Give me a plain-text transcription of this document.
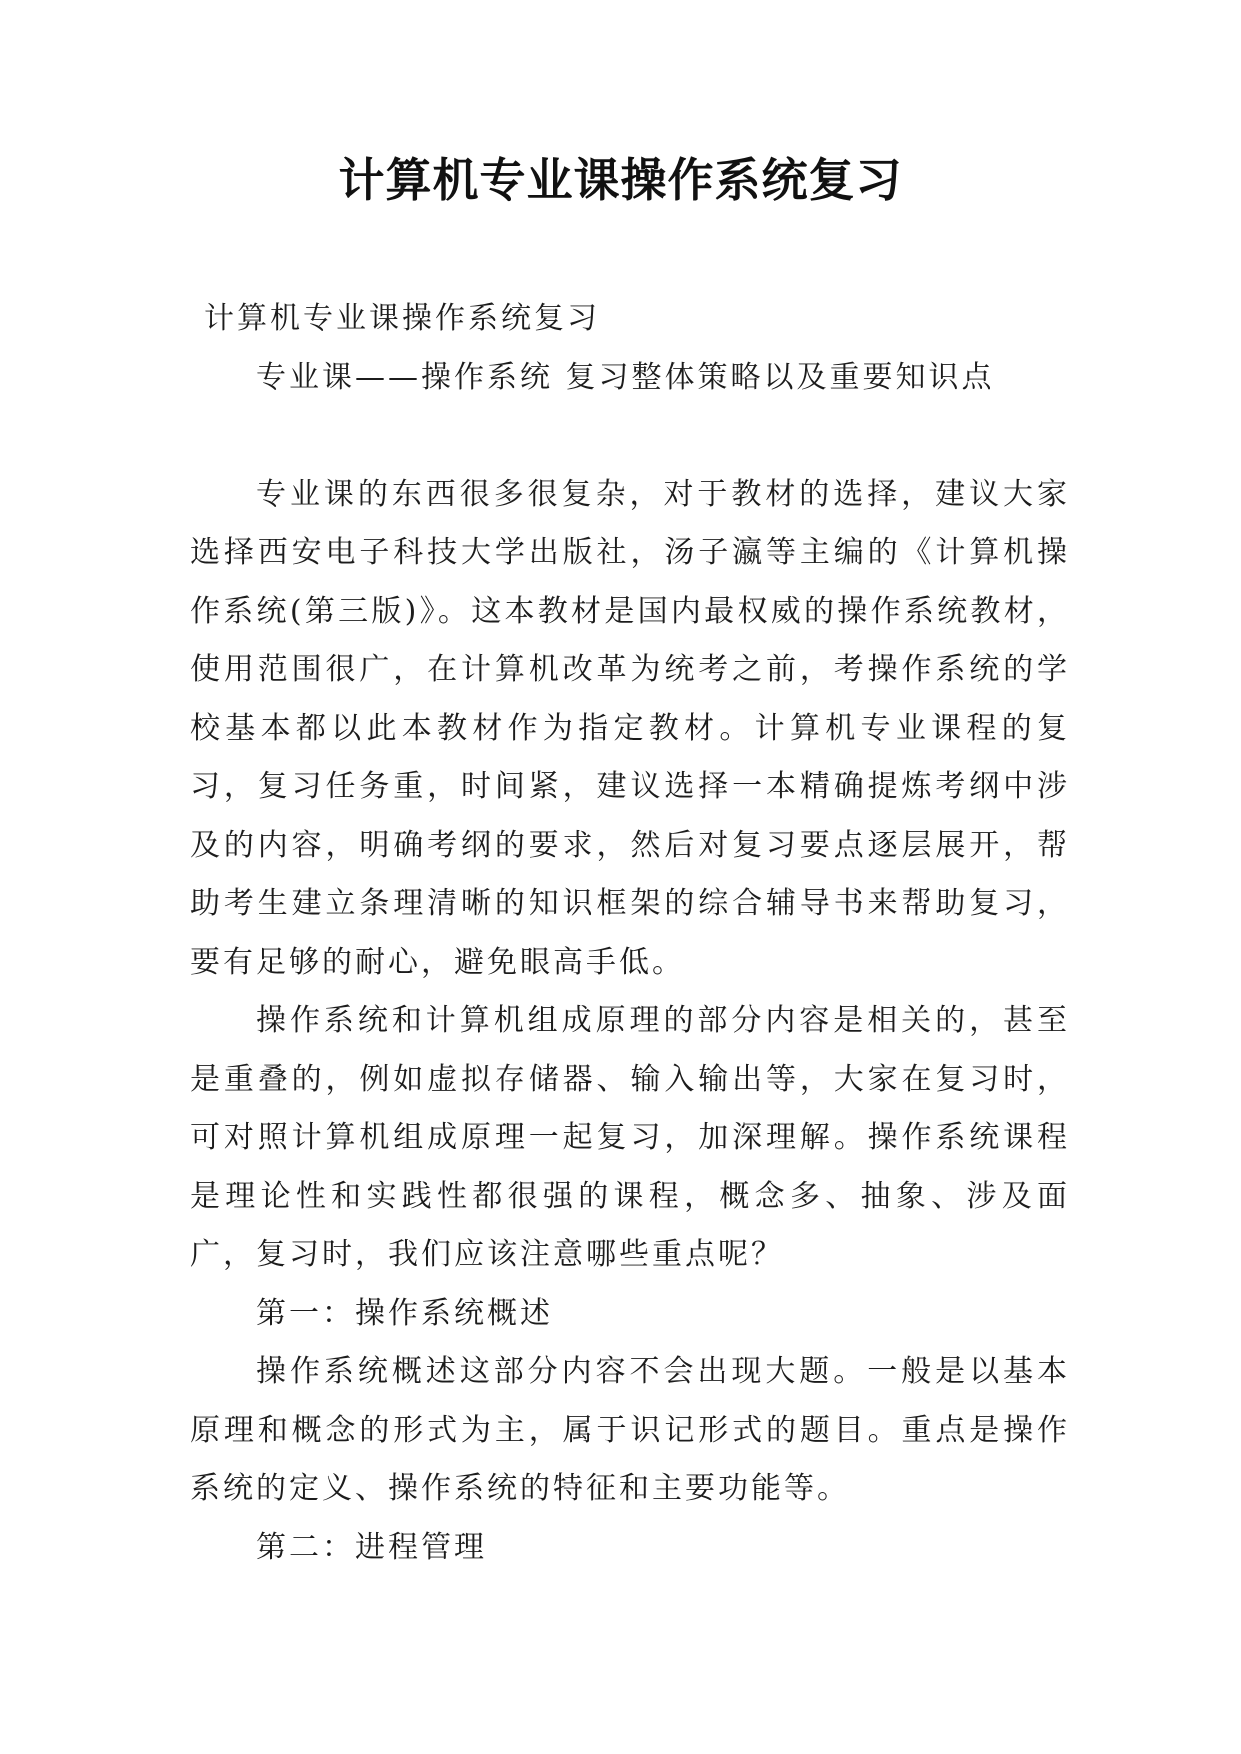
计算机专业课操作系统复习

计算机专业课操作系统复习

专业课——操作系统 复习整体策略以及重要知识点

专业课的东西很多很复杂，对于教材的选择，建议大家选择西安电子科技大学出版社，汤子瀛等主编的《计算机操作系统(第三版)》。这本教材是国内最权威的操作系统教材，使用范围很广，在计算机改革为统考之前，考操作系统的学校基本都以此本教材作为指定教材。计算机专业课程的复习，复习任务重，时间紧，建议选择一本精确提炼考纲中涉及的内容，明确考纲的要求，然后对复习要点逐层展开，帮助考生建立条理清晰的知识框架的综合辅导书来帮助复习，要有足够的耐心，避免眼高手低。

操作系统和计算机组成原理的部分内容是相关的，甚至是重叠的，例如虚拟存储器、输入输出等，大家在复习时，可对照计算机组成原理一起复习，加深理解。操作系统课程是理论性和实践性都很强的课程，概念多、抽象、涉及面广，复习时，我们应该注意哪些重点呢？

第一：操作系统概述

操作系统概述这部分内容不会出现大题。一般是以基本原理和概念的形式为主，属于识记形式的题目。重点是操作系统的定义、操作系统的特征和主要功能等。

第二：进程管理
